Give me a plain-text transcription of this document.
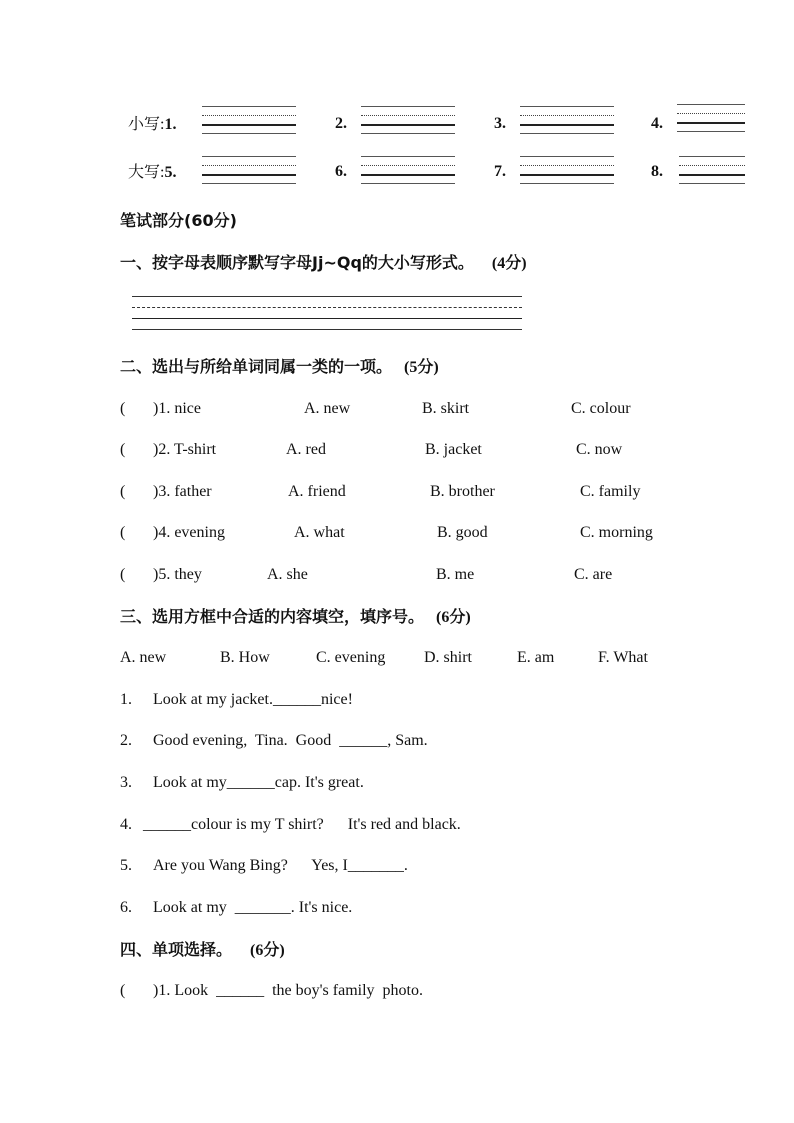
小写:1.	2.	3.	4.
大写:5.	6.	7.	8.
笔试部分(60分)
一、按字母表顺序默写字母Jj~Qq的大小写形式。 (4分)
二、选出与所给单词同属一类的一项。 (5分)
( )1. nice	A. new	B. skirt	C. colour
( )2. T-shirt	A. red	B. jacket	C. now
( )3. father	A. friend	B. brother	C. family
( )4. evening	A. what	B. good	C. morning
( )5. they	A. she	B. me	C. are
三、选用方框中合适的内容填空，填序号。 (6分)
A. new	B. How	C. evening D. shirt	E. am	F. What
1. Look at my jacket.______nice!
2. Good evening,  Tina.  Good  ______, Sam.
3. Look at my______cap. It's great.
4. ______colour is my T shirt?      It's red and black.
5. Are you Wang Bing?      Yes, I_______.
6. Look at my  _______. It's nice.
四、单项选择。 (6分)
( )1. Look  ______  the boy's family  photo.
